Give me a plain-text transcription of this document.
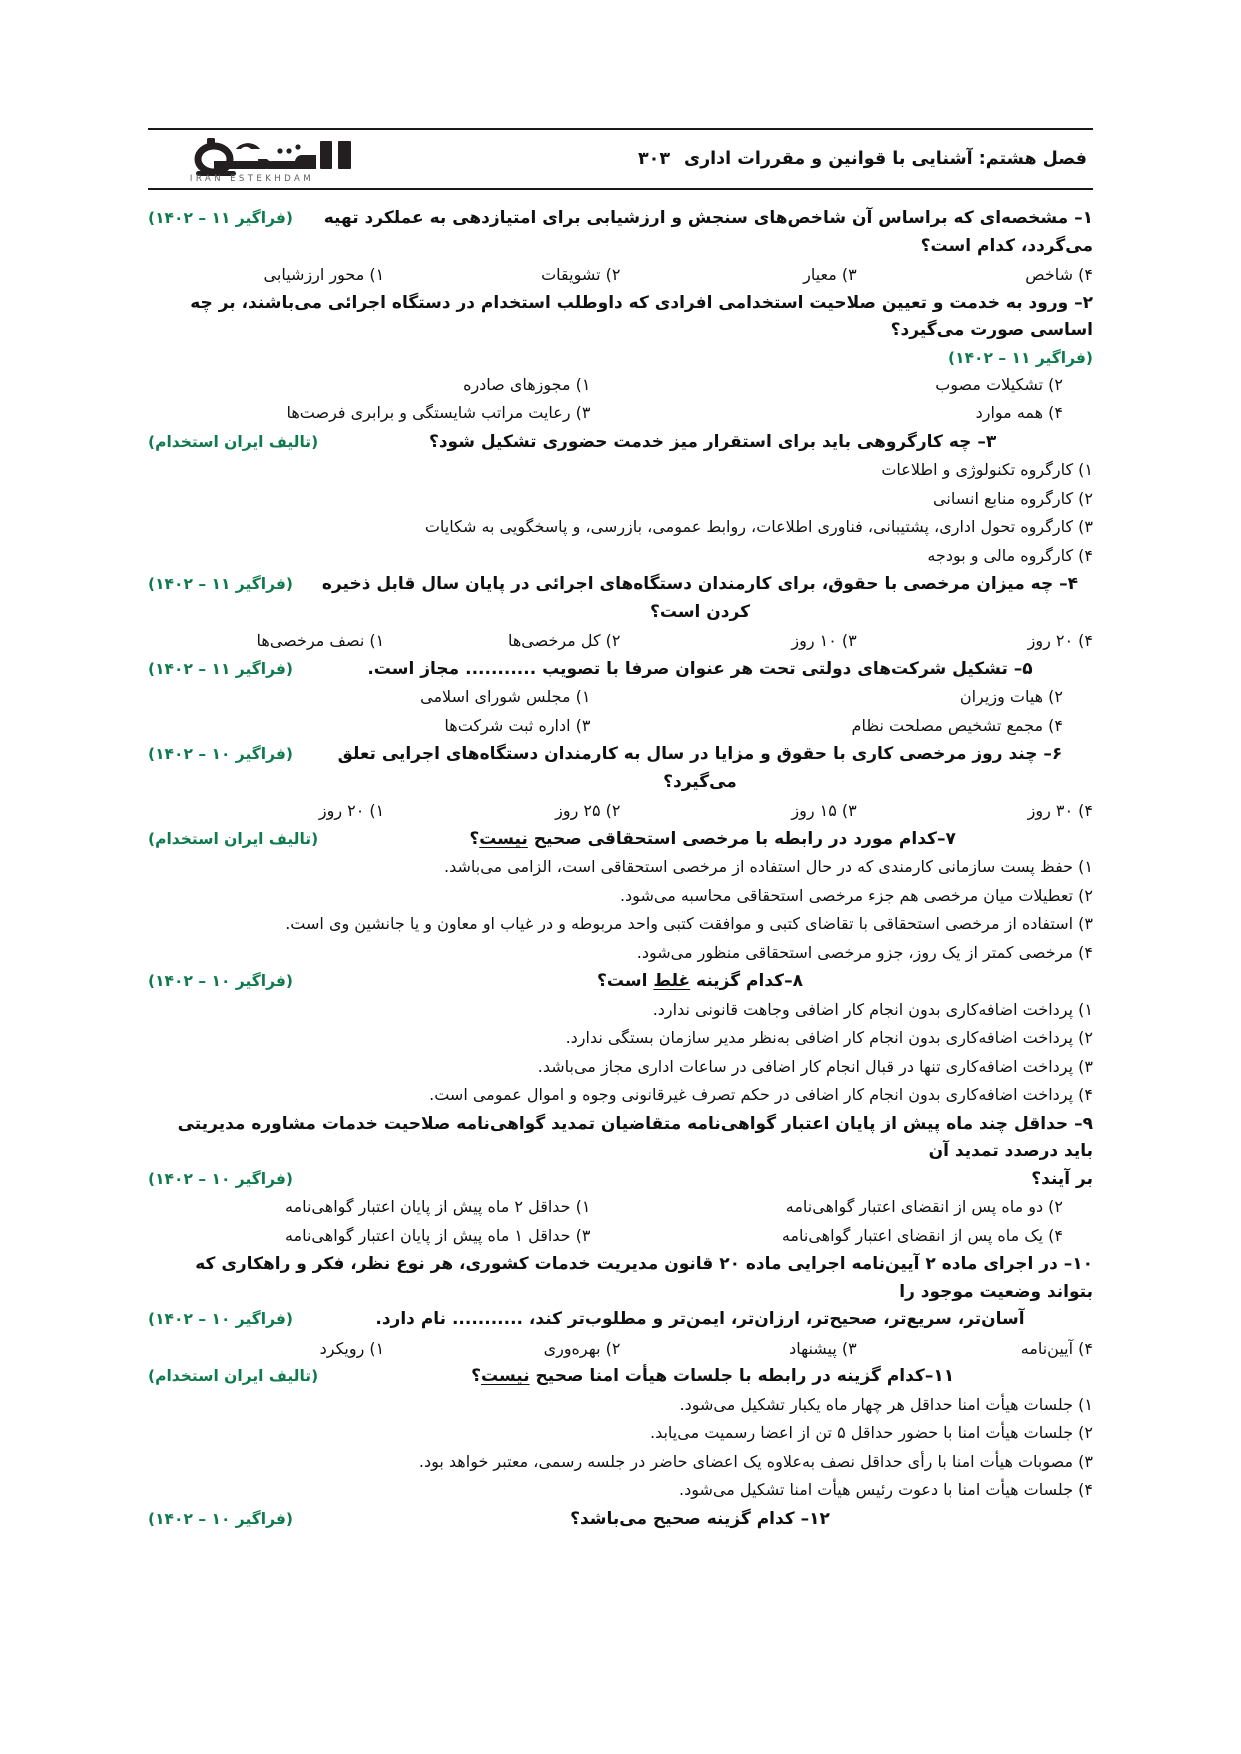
فصل هشتم: آشنایی با قوانین و مقررات اداری
۳۰۳
IRAN ESTEKHDAM
۱– مشخصه‌ای که براساس آن شاخص‌های سنجش و ارزشیابی برای امتیازدهی به عملکرد تهیه می‌گردد، کدام است؟
(فراگیر ۱۱ – ۱۴۰۲)
۴) شاخص
۳) معیار
۲) تشویقات
۱) محور ارزشیابی
۲– ورود به خدمت و تعیین صلاحیت استخدامی افرادی که داوطلب استخدام در دستگاه اجرائی می‌باشند، بر چه اساسی صورت می‌گیرد؟
(فراگیر ۱۱ – ۱۴۰۲)
۲) تشکیلات مصوب
۱) مجوزهای صادره
۴) همه موارد
۳) رعایت مراتب شایستگی و برابری فرصت‌ها
۳– چه کارگروهی باید برای استقرار میز خدمت حضوری تشکیل شود؟
(تالیف ایران استخدام)
۱) کارگروه تکنولوژی و اطلاعات
۲) کارگروه منابع انسانی
۳) کارگروه تحول اداری، پشتیبانی، فناوری اطلاعات، روابط عمومی، بازرسی، و پاسخگویی به شکایات
۴) کارگروه مالی و بودجه
۴– چه میزان مرخصی با حقوق، برای کارمندان دستگاه‌های اجرائی در پایان سال قابل ذخیره کردن است؟
(فراگیر ۱۱ – ۱۴۰۲)
۴) ۲۰ روز
۳) ۱۰ روز
۲) کل مرخصی‌ها
۱) نصف مرخصی‌ها
۵– تشکیل شرکت‌های دولتی تحت هر عنوان صرفا با تصویب ........... مجاز است.
(فراگیر ۱۱ – ۱۴۰۲)
۲) هیات وزیران
۱) مجلس شورای اسلامی
۴) مجمع تشخیص مصلحت نظام
۳) اداره ثبت شرکت‌ها
۶– چند روز مرخصی کاری با حقوق و مزایا در سال به کارمندان دستگاه‌های اجرایی تعلق می‌گیرد؟
(فراگیر ۱۰ – ۱۴۰۲)
۴) ۳۰ روز
۳) ۱۵ روز
۲) ۲۵ روز
۱) ۲۰ روز
۷–کدام مورد در رابطه با مرخصی استحقاقی صحیح نیست؟
(تالیف ایران استخدام)
۱) حفظ پست سازمانی کارمندی که در حال استفاده از مرخصی استحقاقی است، الزامی می‌باشد.
۲) تعطیلات میان مرخصی هم جزء مرخصی استحقاقی محاسبه می‌شود.
۳) استفاده از مرخصی استحقاقی با تقاضای کتبی و موافقت کتبی واحد مربوطه و در غیاب او معاون و یا جانشین وی است.
۴) مرخصی کمتر از یک روز، جزو مرخصی استحقاقی منظور می‌شود.
۸–کدام گزینه غلط است؟
(فراگیر ۱۰ – ۱۴۰۲)
۱) پرداخت اضافه‌کاری بدون انجام کار اضافی وجاهت قانونی ندارد.
۲) پرداخت اضافه‌کاری بدون انجام کار اضافی به‌نظر مدیر سازمان بستگی ندارد.
۳) پرداخت اضافه‌کاری تنها در قبال انجام کار اضافی در ساعات اداری مجاز می‌باشد.
۴) پرداخت اضافه‌کاری بدون انجام کار اضافی در حکم تصرف غیرقانونی وجوه و اموال عمومی است.
۹– حداقل چند ماه پیش از پایان اعتبار گواهی‌نامه متقاضیان تمدید گواهی‌نامه صلاحیت خدمات مشاوره مدیریتی باید درصدد تمدید آن
بر آیند؟
(فراگیر ۱۰ – ۱۴۰۲)
۲) دو ماه پس از انقضای اعتبار گواهی‌نامه
۱) حداقل ۲ ماه پیش از پایان اعتبار گواهی‌نامه
۴) یک ماه پس از انقضای اعتبار گواهی‌نامه
۳) حداقل ۱ ماه پیش از پایان اعتبار گواهی‌نامه
۱۰– در اجرای ماده ۲ آیین‌نامه اجرایی ماده ۲۰ قانون مدیریت خدمات کشوری، هر نوع نظر، فکر و راهکاری که بتواند وضعیت موجود را
آسان‌تر، سریع‌تر، صحیح‌تر، ارزان‌تر، ایمن‌تر و مطلوب‌تر کند، ........... نام دارد.
(فراگیر ۱۰ – ۱۴۰۲)
۴) آیین‌نامه
۳) پیشنهاد
۲) بهره‌وری
۱) رویکرد
۱۱–کدام گزینه در رابطه با جلسات هیأت امنا صحیح نیست؟
(تالیف ایران استخدام)
۱) جلسات هیأت امنا حداقل هر چهار ماه یکبار تشکیل می‌شود.
۲) جلسات هیأت امنا با حضور حداقل ۵ تن از اعضا رسمیت می‌یابد.
۳) مصوبات هیأت امنا با رأی حداقل نصف به‌علاوه یک اعضای حاضر در جلسه رسمی، معتبر خواهد بود.
۴) جلسات هیأت امنا با دعوت رئیس هیأت امنا تشکیل می‌شود.
۱۲– کدام گزینه صحیح می‌باشد؟
(فراگیر ۱۰ – ۱۴۰۲)
